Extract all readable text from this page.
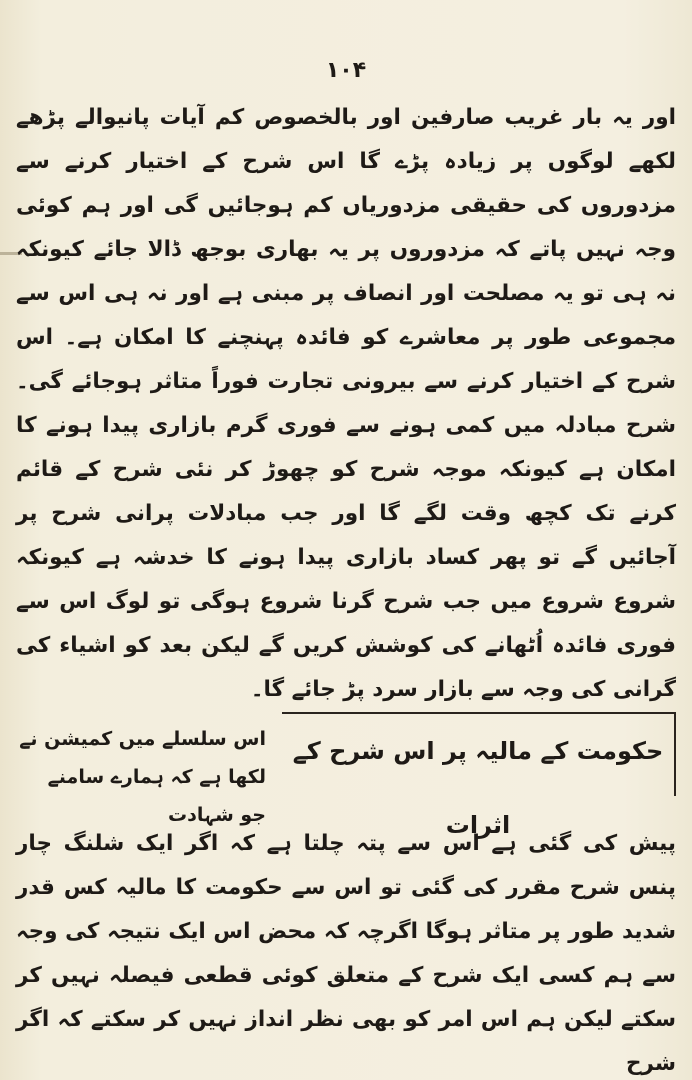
۱۰۴

اور یہ بار غریب صارفین اور بالخصوص کم آیات پانیوالے پڑھے لکھے لوگوں پر زیادہ پڑے گا اس شرح کے اختیار کرنے سے مزدوروں کی حقیقی مزدوریاں کم ہوجائیں گی اور ہم کوئی وجہ نہیں پاتے کہ مزدوروں پر یہ بھاری بوجھ ڈالا جائے کیونکہ نہ ہی تو یہ مصلحت اور انصاف پر مبنی ہے اور نہ ہی اس سے مجموعی طور پر معاشرے کو فائدہ پہنچنے کا امکان ہے۔ اس شرح کے اختیار کرنے سے بیرونی تجارت فوراً متاثر ہوجائے گی۔ شرح مبادلہ میں کمی ہونے سے فوری گرم بازاری پیدا ہونے کا امکان ہے کیونکہ موجہ شرح کو چھوڑ کر نئی شرح کے قائم کرنے تک کچھ وقت لگے گا اور جب مبادلات پرانی شرح پر آجائیں گے تو پھر کساد بازاری پیدا ہونے کا خدشہ ہے کیونکہ شروع شروع میں جب شرح گرنا شروع ہوگی تو لوگ اس سے فوری فائدہ اُٹھانے کی کوشش کریں گے لیکن بعد کو اشیاء کی گرانی کی وجہ سے بازار سرد پڑ جائے گا۔

حکومت کے مالیہ پر اس شرح کے اثرات
اس سلسلے میں کمیشن نے لکھا ہے کہ ہمارے سامنے جو شہادت

پیش کی گئی ہے اس سے پتہ چلتا ہے کہ اگر ایک شلنگ چار پنس شرح مقرر کی گئی تو اس سے حکومت کا مالیہ کس قدر شدید طور پر متاثر ہوگا اگرچہ کہ محض اس ایک نتیجہ کی وجہ سے ہم کسی ایک شرح کے متعلق کوئی قطعی فیصلہ نہیں کر سکتے لیکن ہم اس امر کو بھی نظر انداز نہیں کر سکتے کہ اگر شرح
